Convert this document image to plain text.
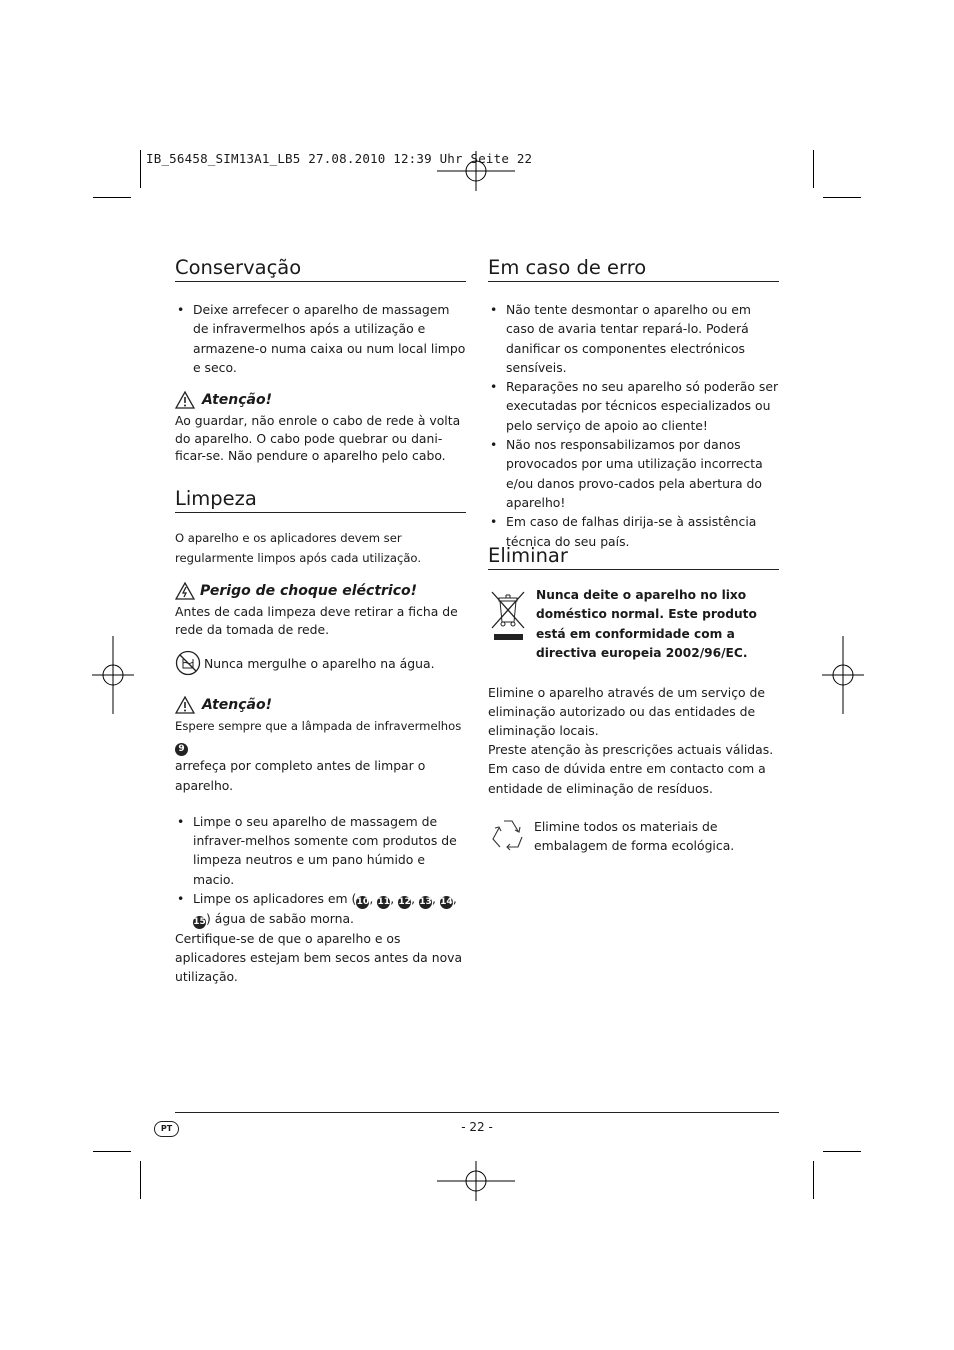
IB_56458_SIM13A1_LB5 27.08.2010 12:39 Uhr Seite 22
Conservação
• Deixe arrefecer o aparelho de massagem de infravermelhos após a utilização e armazene-o numa caixa ou num local limpo e seco.
Atenção!
Ao guardar, não enrole o cabo de rede à volta do aparelho. O cabo pode quebrar ou dani-ficar-se. Não pendure o aparelho pelo cabo.
Limpeza
O aparelho e os aplicadores devem ser regularmente limpos após cada utilização.
Perigo de choque eléctrico!
Antes de cada limpeza deve retirar a ficha de rede da tomada de rede.
Nunca mergulhe o aparelho na água.
Atenção!
Espere sempre que a lâmpada de infravermelhos 9
arrefeça por completo antes de limpar o aparelho.
• Limpe o seu aparelho de massagem de infraver-melhos somente com produtos de limpeza neutros e um pano húmido e macio.
• Limpe os aplicadores em (10, 11, 12, 13, 14, 15) água de sabão morna.
Certifique-se de que o aparelho e os aplicadores estejam bem secos antes da nova utilização.
Em caso de erro
• Não tente desmontar o aparelho ou em caso de avaria tentar repará-lo. Poderá danificar os componentes electrónicos sensíveis.
• Reparações no seu aparelho só poderão ser executadas por técnicos especializados ou pelo serviço de apoio ao cliente!
• Não nos responsabilizamos por danos provocados por uma utilização incorrecta e/ou danos provo-cados pela abertura do aparelho!
• Em caso de falhas dirija-se à assistência técnica do seu país.
Eliminar
Nunca deite o aparelho no lixo doméstico normal. Este produto está em conformidade com a directiva europeia 2002/96/EC.
Elimine o aparelho através de um serviço de eliminação autorizado ou das entidades de eliminação locais.
Preste atenção às prescrições actuais válidas. Em caso de dúvida entre em contacto com a entidade de eliminação de resíduos.
Elimine todos os materiais de embalagem de forma ecológica.
PT	- 22 -
